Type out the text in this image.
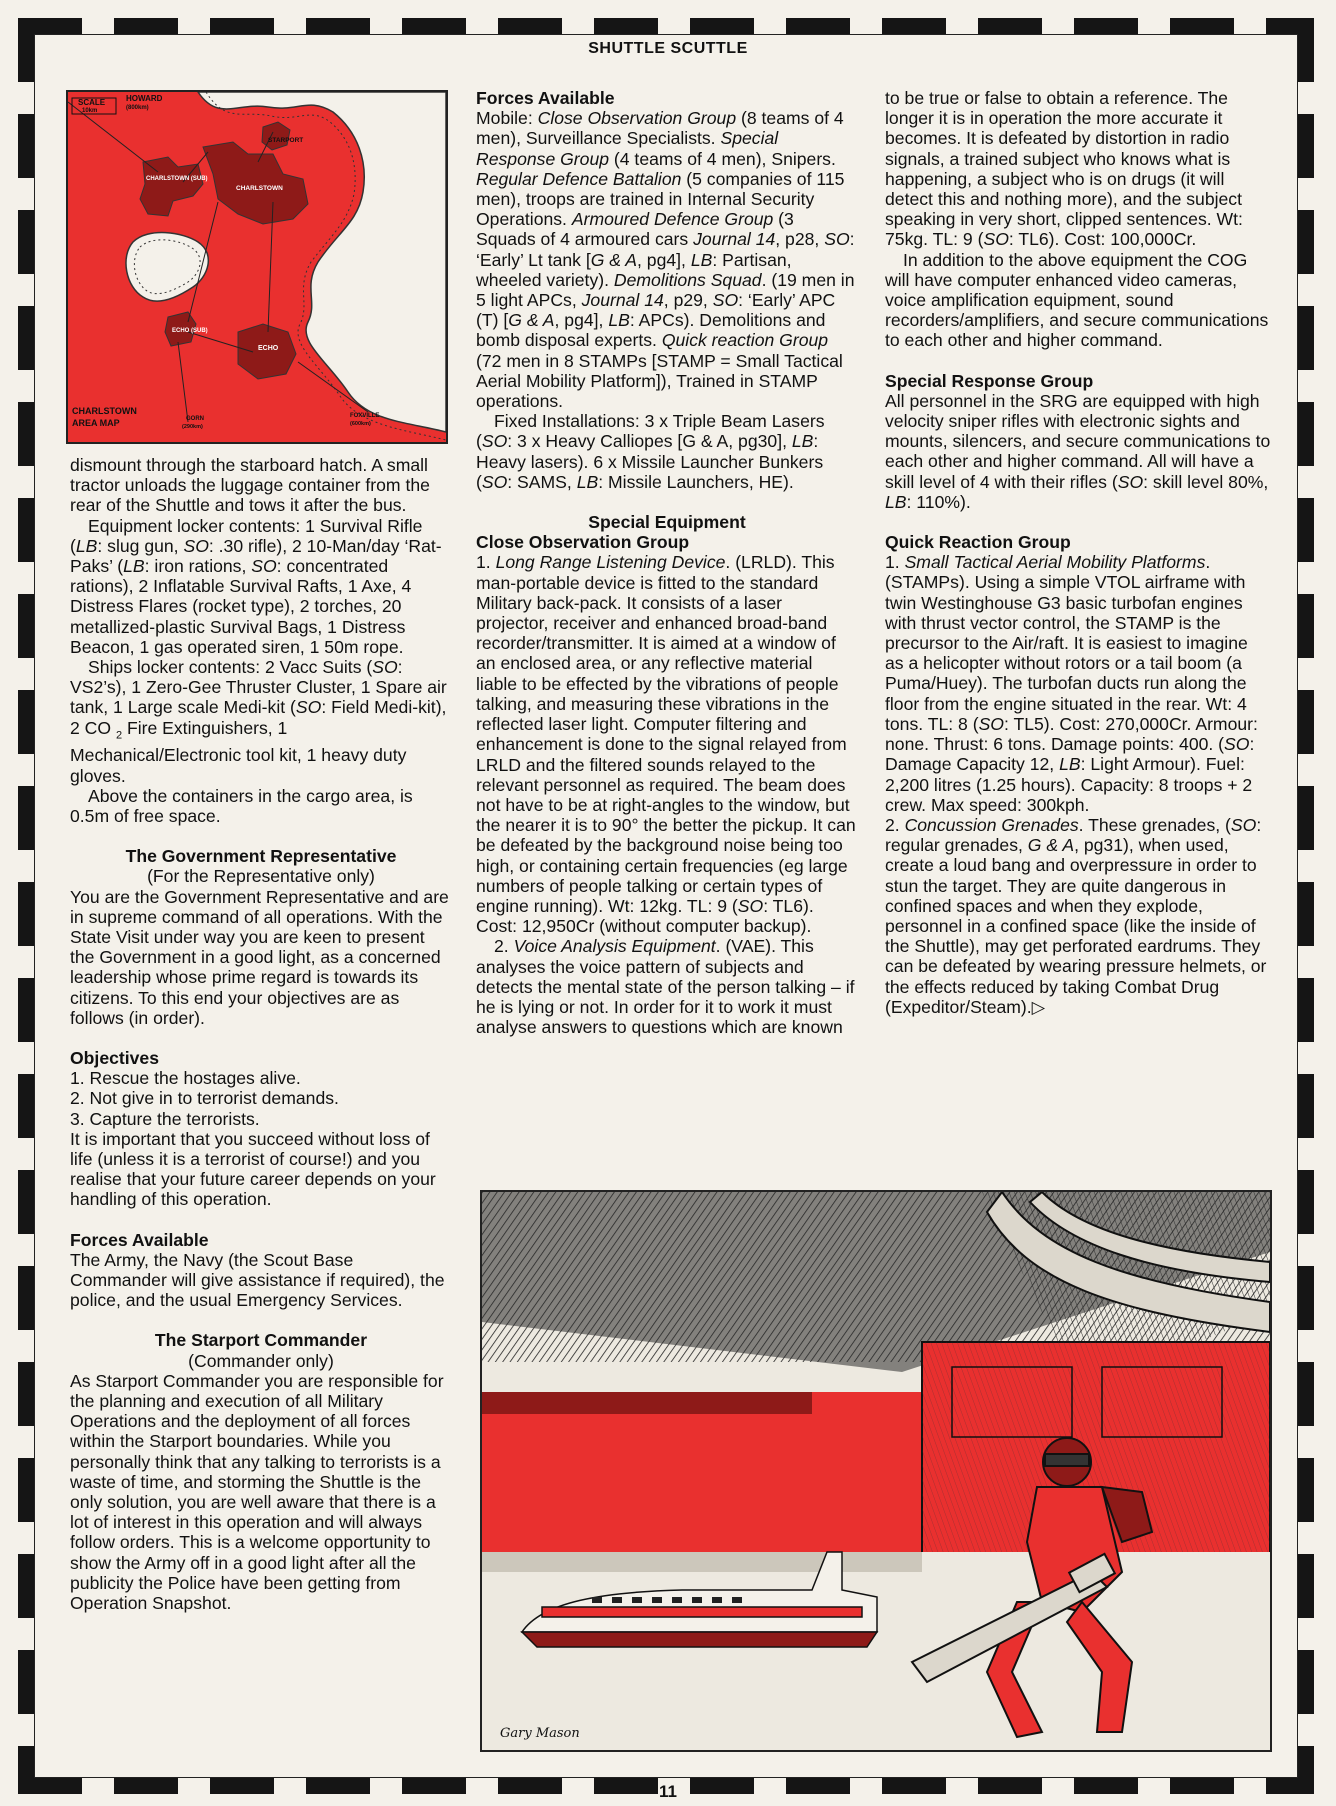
SHUTTLE SCUTTLE
SCALE
10km
HOWARD
(800km)
STARPORT
CHARLSTOWN (SUB)
CHARLSTOWN
ECHO (SUB)
ECHO
GORN
(290km)
FOXVILLE
(600km)
CHARLSTOWN
AREA MAP

dismount through the starboard hatch. A small tractor unloads the luggage container from the rear of the Shuttle and tows it after the bus.

Equipment locker contents: 1 Survival Rifle (LB: slug gun, SO: .30 rifle), 2 10-Man/day ‘Rat-Paks’ (LB: iron rations, SO: concentrated rations), 2 Inflatable Survival Rafts, 1 Axe, 4 Distress Flares (rocket type), 2 torches, 20 metallized-plastic Survival Bags, 1 Distress Beacon, 1 gas operated siren, 1 50m rope.

Ships locker contents: 2 Vacc Suits (SO: VS2’s), 1 Zero-Gee Thruster Cluster, 1 Spare air tank, 1 Large scale Medi-kit (SO: Field Medi-kit), 2 CO $_2$ Fire Extinguishers, 1 Mechanical/Electronic tool kit, 1 heavy duty gloves.

Above the containers in the cargo area, is 0.5m of free space.

The Government Representative

(For the Representative only)

You are the Government Representative and are in supreme command of all operations. With the State Visit under way you are keen to present the Government in a good light, as a concerned leadership whose prime regard is towards its citizens. To this end your objectives are as follows (in order).

Objectives

1. Rescue the hostages alive.

2. Not give in to terrorist demands.

3. Capture the terrorists.

It is important that you succeed without loss of life (unless it is a terrorist of course!) and you realise that your future career depends on your handling of this operation.

Forces Available

The Army, the Navy (the Scout Base Commander will give assistance if required), the police, and the usual Emergency Services.

The Starport Commander

(Commander only)

As Starport Commander you are responsible for the planning and execution of all Military Operations and the deployment of all forces within the Starport boundaries. While you personally think that any talking to terrorists is a waste of time, and storming the Shuttle is the only solution, you are well aware that there is a lot of interest in this operation and will always follow orders. This is a welcome opportunity to show the Army off in a good light after all the publicity the Police have been getting from Operation Snapshot.

Forces Available

Mobile: Close Observation Group (8 teams of 4 men), Surveillance Specialists. Special Response Group (4 teams of 4 men), Snipers. Regular Defence Battalion (5 companies of 115 men), troops are trained in Internal Security Operations. Armoured Defence Group (3 Squads of 4 armoured cars Journal 14, p28, SO: ‘Early’ Lt tank [G & A, pg4], LB: Partisan, wheeled variety). Demolitions Squad. (19 men in 5 light APCs, Journal 14, p29, SO: ‘Early’ APC (T) [G & A, pg4], LB: APCs). Demolitions and bomb disposal experts. Quick reaction Group (72 men in 8 STAMPs [STAMP = Small Tactical Aerial Mobility Platform]), Trained in STAMP operations.

Fixed Installations: 3 x Triple Beam Lasers (SO: 3 x Heavy Calliopes [G & A, pg30], LB: Heavy lasers). 6 x Missile Launcher Bunkers (SO: SAMS, LB: Missile Launchers, HE).

Special Equipment
Close Observation Group

1. Long Range Listening Device. (LRLD). This man-portable device is fitted to the standard Military back-pack. It consists of a laser projector, receiver and enhanced broad-band recorder/transmitter. It is aimed at a window of an enclosed area, or any reflective material liable to be effected by the vibrations of people talking, and measuring these vibrations in the reflected laser light. Computer filtering and enhancement is done to the signal relayed from LRLD and the filtered sounds relayed to the relevant personnel as required. The beam does not have to be at right-angles to the window, but the nearer it is to 90° the better the pickup. It can be defeated by the background noise being too high, or containing certain frequencies (eg large numbers of people talking or certain types of engine running). Wt: 12kg. TL: 9 (SO: TL6). Cost: 12,950Cr (without computer backup).

2. Voice Analysis Equipment. (VAE). This analyses the voice pattern of subjects and detects the mental state of the person talking – if he is lying or not. In order for it to work it must analyse answers to questions which are known

to be true or false to obtain a reference. The longer it is in operation the more accurate it becomes. It is defeated by distortion in radio signals, a trained subject who knows what is happening, a subject who is on drugs (it will detect this and nothing more), and the subject speaking in very short, clipped sentences. Wt: 75kg. TL: 9 (SO: TL6). Cost: 100,000Cr.

In addition to the above equipment the COG will have computer enhanced video cameras, voice amplification equipment, sound recorders/amplifiers, and secure communications to each other and higher command.

Special Response Group

All personnel in the SRG are equipped with high velocity sniper rifles with electronic sights and mounts, silencers, and secure communications to each other and higher command. All will have a skill level of 4 with their rifles (SO: skill level 80%, LB: 110%).

Quick Reaction Group

1. Small Tactical Aerial Mobility Platforms. (STAMPs). Using a simple VTOL airframe with twin Westinghouse G3 basic turbofan engines with thrust vector control, the STAMP is the precursor to the Air/raft. It is easiest to imagine as a helicopter without rotors or a tail boom (a Puma/Huey). The turbofan ducts run along the floor from the engine situated in the rear. Wt: 4 tons. TL: 8 (SO: TL5). Cost: 270,000Cr. Armour: none. Thrust: 6 tons. Damage points: 400. (SO: Damage Capacity 12, LB: Light Armour). Fuel: 2,200 litres (1.25 hours). Capacity: 8 troops + 2 crew. Max speed: 300kph.

2. Concussion Grenades. These grenades, (SO: regular grenades, G & A, pg31), when used, create a loud bang and overpressure in order to stun the target. They are quite dangerous in confined spaces and when they explode, personnel in a confined space (like the inside of the Shuttle), may get perforated eardrums. They can be defeated by wearing pressure helmets, or the effects reduced by taking Combat Drug (Expeditor/Steam).▷

Gary Mason
11
